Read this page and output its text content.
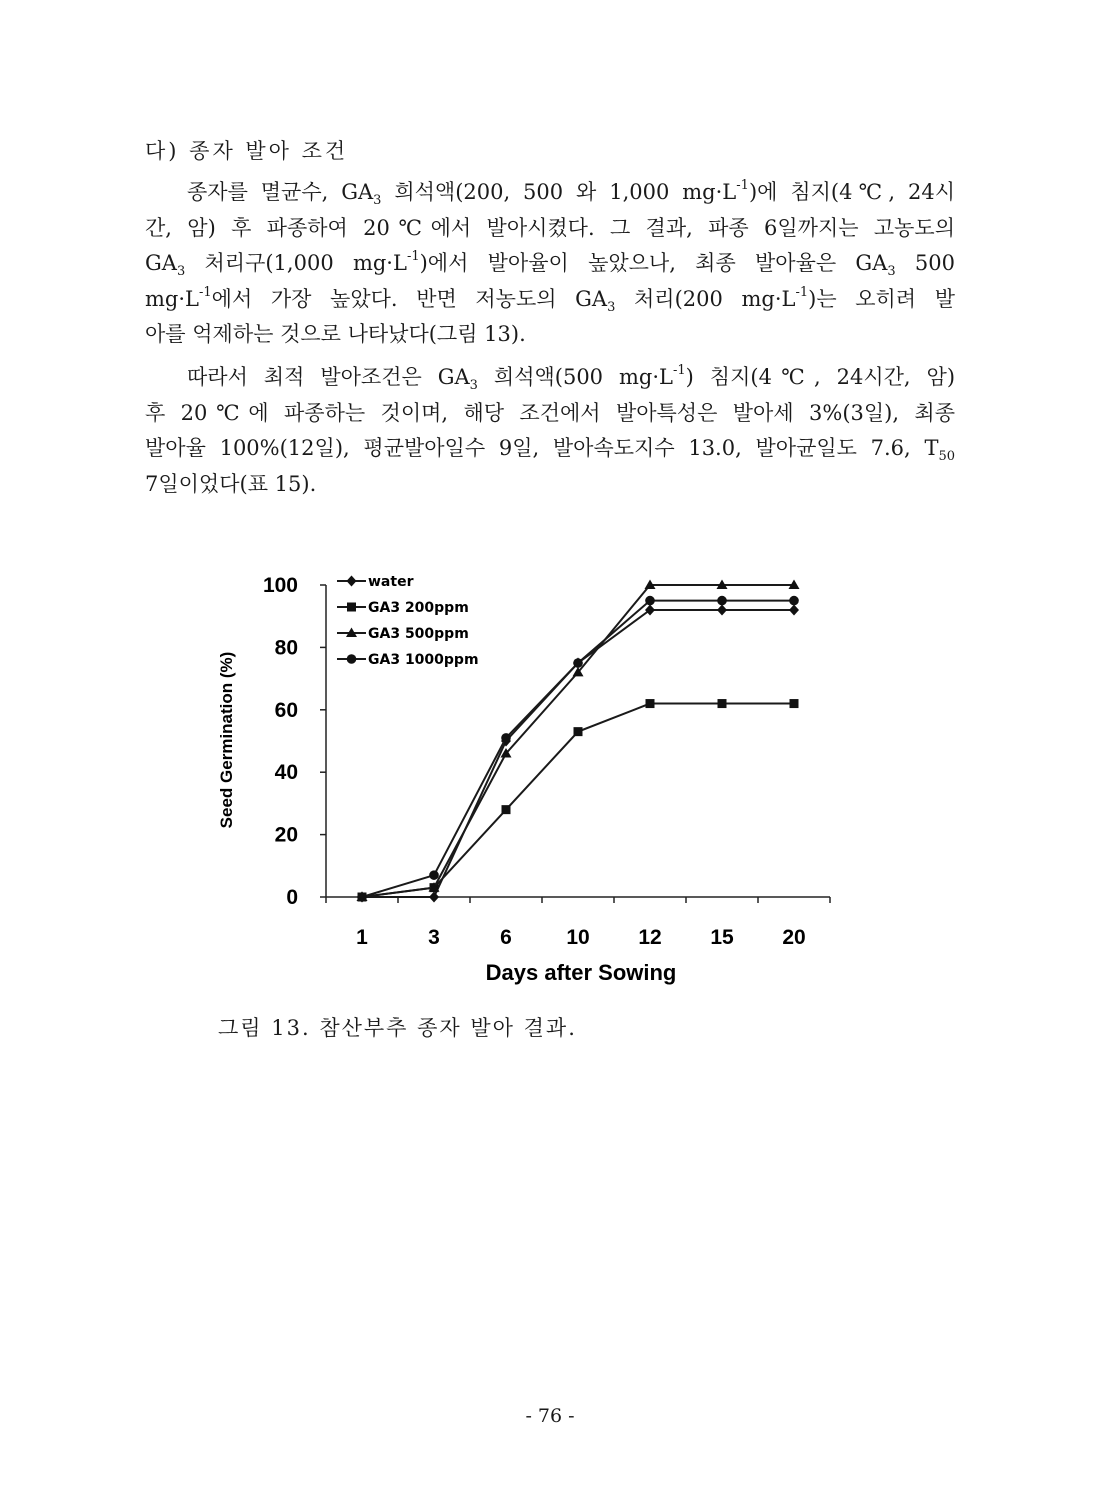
다) 종자 발아 조건
종자를 멸균수, $GA_3$ 희석액(200, 500 와 1,000 $mg\cdot L^{-1}$)에 침지(4℃, 24시
간, 암) 후 파종하여 20℃에서 발아시켰다. 그 결과, 파종 6일까지는 고농도의
$GA_3$ 처리구(1,000 $mg\cdot L^{-1}$)에서 발아율이 높았으나, 최종 발아율은 $GA_3$ 500
$mg\cdot L^{-1}$에서 가장 높았다. 반면 저농도의 $GA_3$ 처리(200 $mg\cdot L^{-1}$)는 오히려 발
아를 억제하는 것으로 나타났다(그림 13).
따라서 최적 발아조건은 $GA_3$ 희석액(500 $mg\cdot L^{-1}$) 침지(4℃, 24시간, 암)
후 20℃에 파종하는 것이며, 해당 조건에서 발아특성은 발아세 3%(3일), 최종
발아율 100%(12일), 평균발아일수 9일, 발아속도지수 13.0, 발아균일도 7.6, $T_{50}$
7일이었다(표 15).
0
20
40
60
80
100
1	3	6	10 12 15 20
water
GA3 200ppm
GA3 500ppm
GA3 1000ppm
Seed Germination (%)
Days after Sowing
그림 13. 참산부추 종자 발아 결과.
- 76 -
